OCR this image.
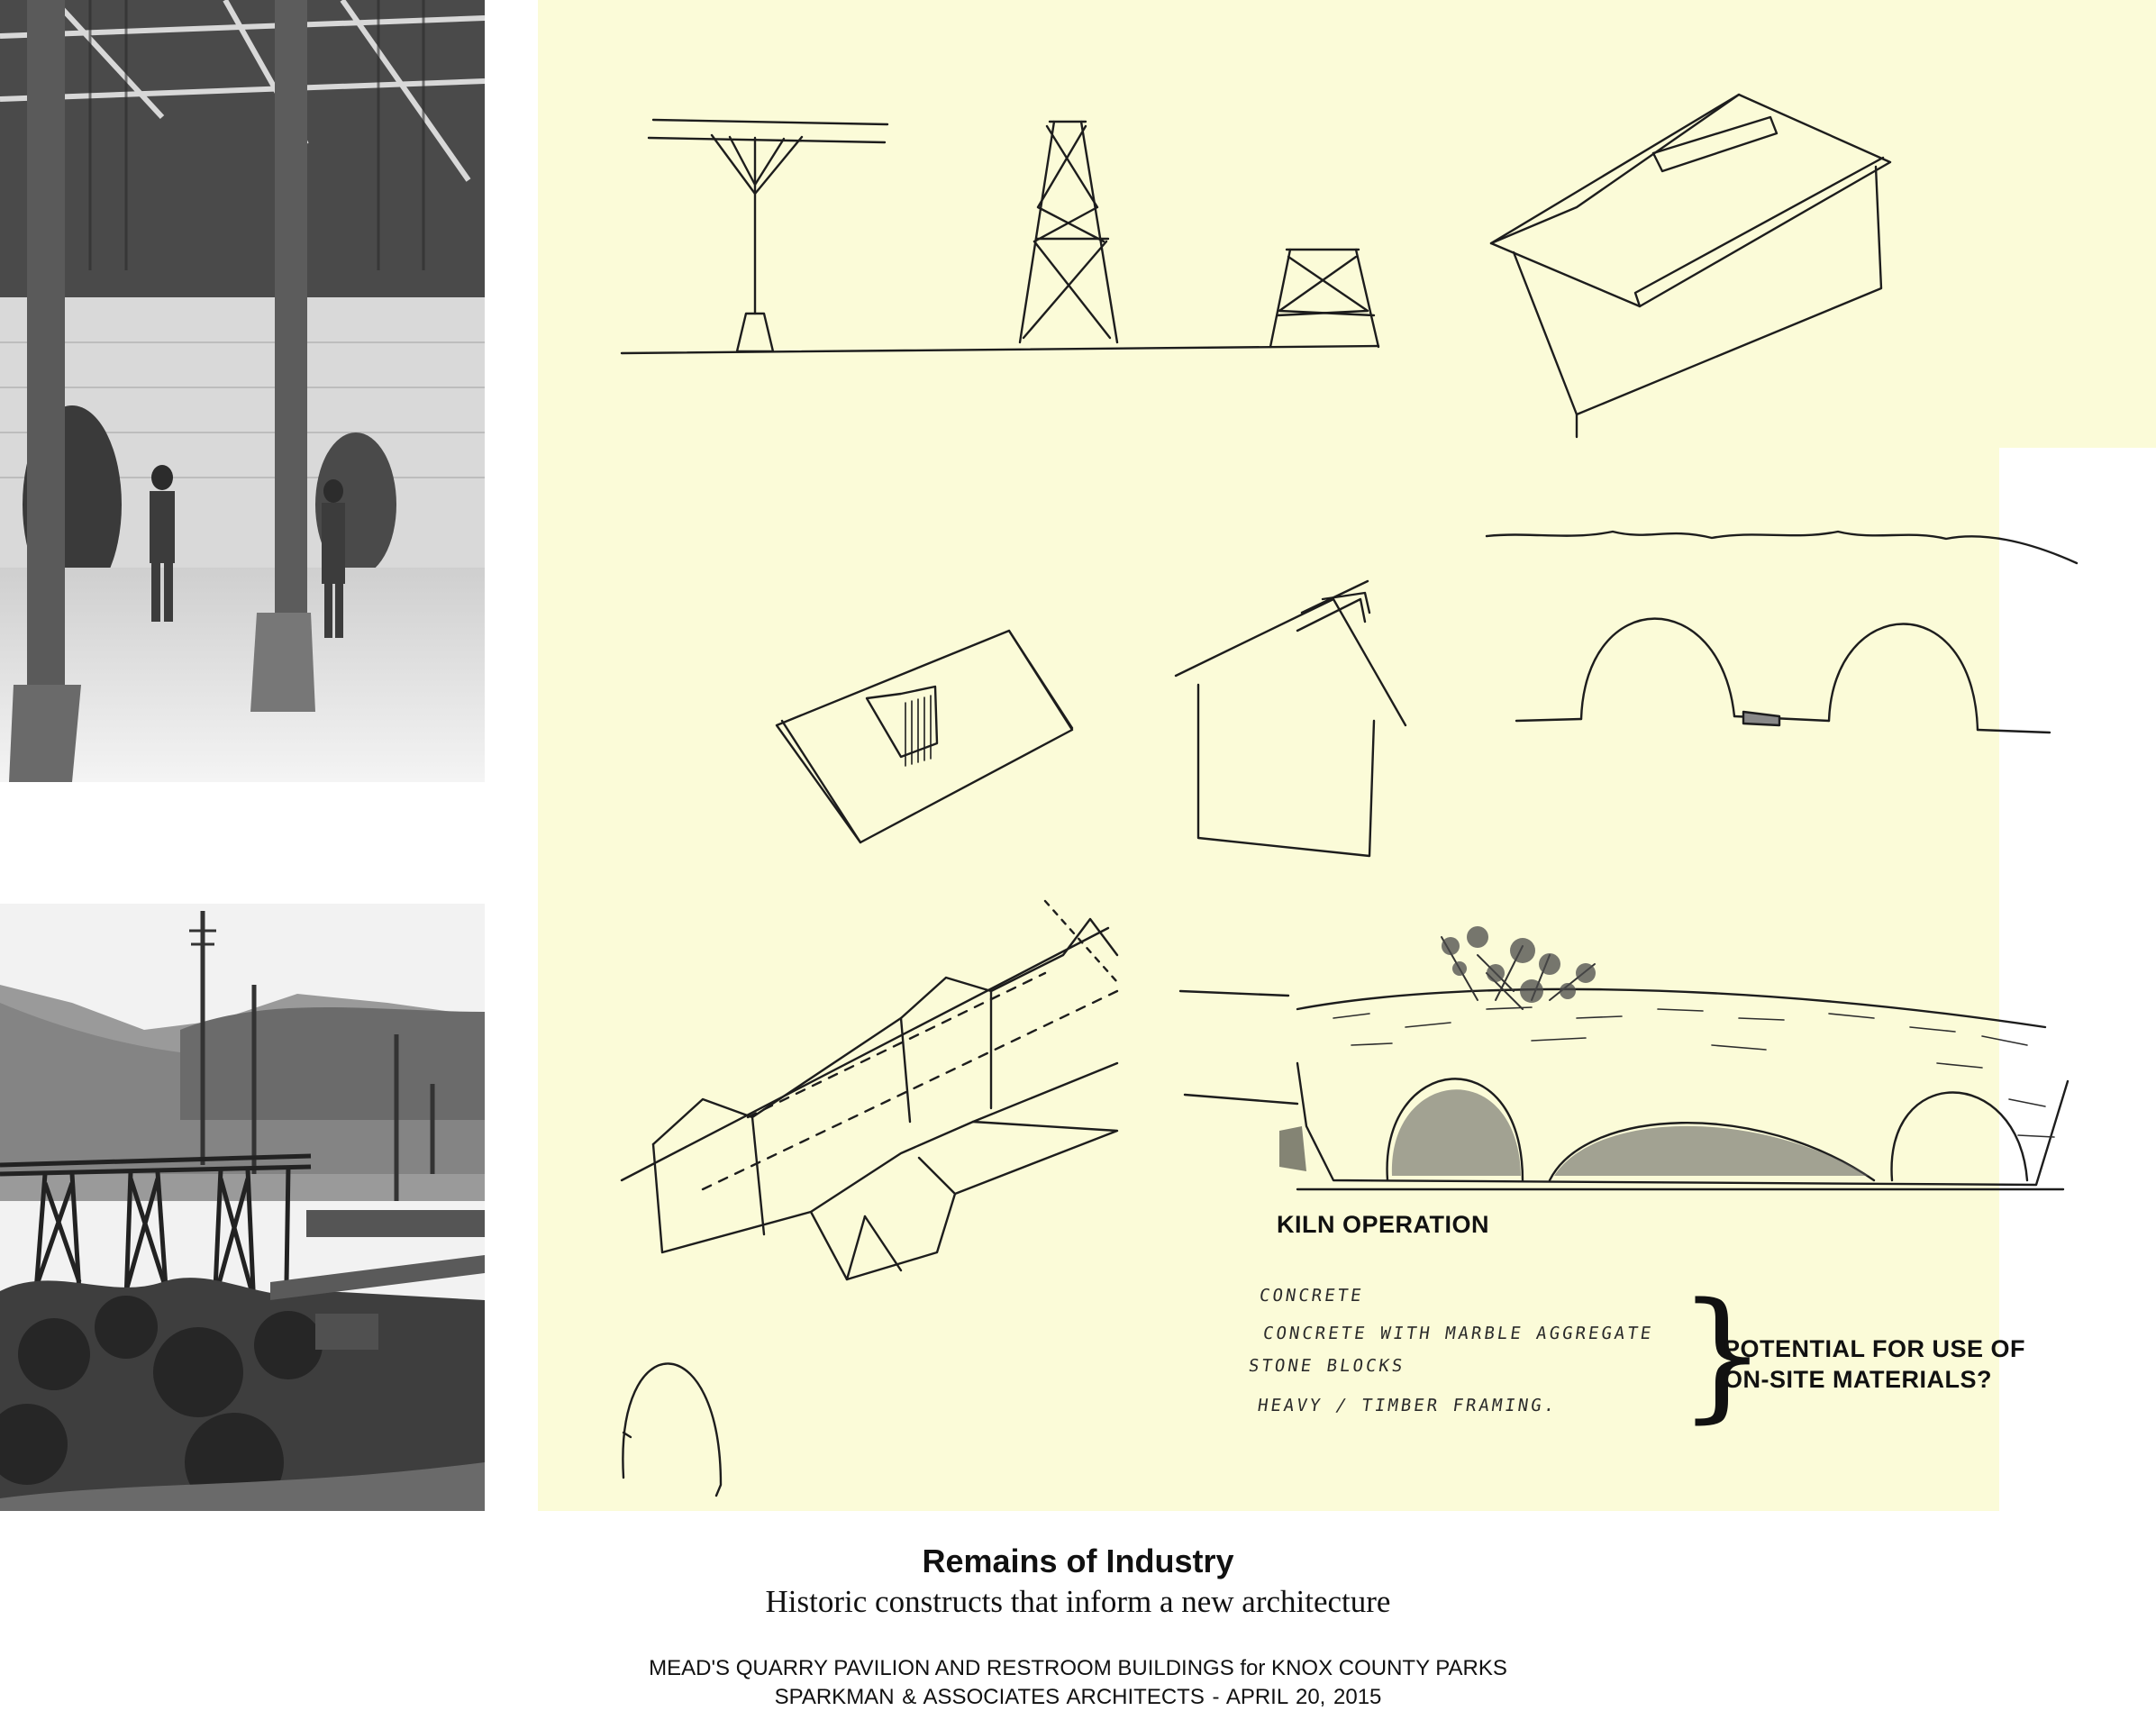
KILN OPERATION
CONCRETE
CONCRETE WITH MARBLE AGGREGATE
STONE BLOCKS
HEAVY / TIMBER FRAMING. }
POTENTIAL FOR USE OF
ON-SITE MATERIALS?
Remains of Industry
Historic constructs that inform a new architecture
MEAD'S QUARRY PAVILION AND RESTROOM BUILDINGS for KNOX COUNTY PARKS
SPARKMAN & ASSOCIATES ARCHITECTS - APRIL 20, 2015
